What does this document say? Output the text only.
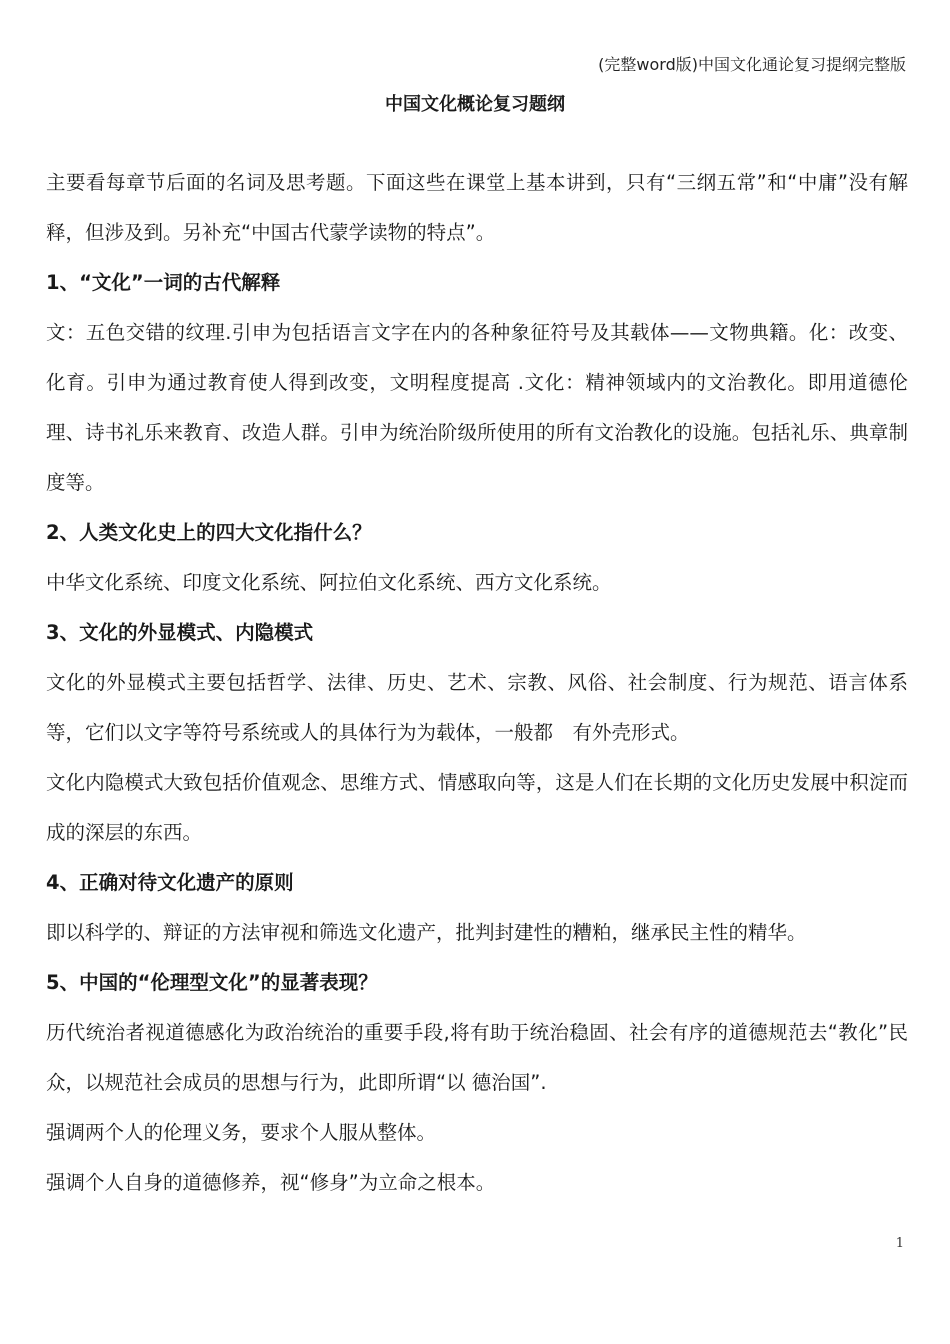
(完整word版)中国文化通论复习提纲完整版
中国文化概论复习题纲

主要看每章节后面的名词及思考题。下面这些在课堂上基本讲到，只有“三纲五常”和“中庸”没有解释，但涉及到。另补充“中国古代蒙学读物的特点”。

1、“文化”一词的古代解释

文：五色交错的纹理.引申为包括语言文字在内的各种象征符号及其载体——文物典籍。化：改变、化育。引申为通过教育使人得到改变，文明程度提高 .文化：精神领域内的文治教化。即用道德伦理、诗书礼乐来教育、改造人群。引申为统治阶级所使用的所有文治教化的设施。包括礼乐、典章制度等。

2、人类文化史上的四大文化指什么？

中华文化系统、印度文化系统、阿拉伯文化系统、西方文化系统。

3、文化的外显模式、内隐模式

文化的外显模式主要包括哲学、法律、历史、艺术、宗教、风俗、社会制度、行为规范、语言体系等，它们以文字等符号系统或人的具体行为为载体，一般都　有外壳形式。

文化内隐模式大致包括价值观念、思维方式、情感取向等，这是人们在长期的文化历史发展中积淀而成的深层的东西。

4、正确对待文化遗产的原则

即以科学的、辩证的方法审视和筛选文化遗产，批判封建性的糟粕，继承民主性的精华。

5、中国的“伦理型文化”的显著表现？

历代统治者视道德感化为政治统治的重要手段,将有助于统治稳固、社会有序的道德规范去“教化”民众，以规范社会成员的思想与行为，此即所谓“以 德治国”.

强调两个人的伦理义务，要求个人服从整体。

强调个人自身的道德修养，视“修身”为立命之根本。

1
